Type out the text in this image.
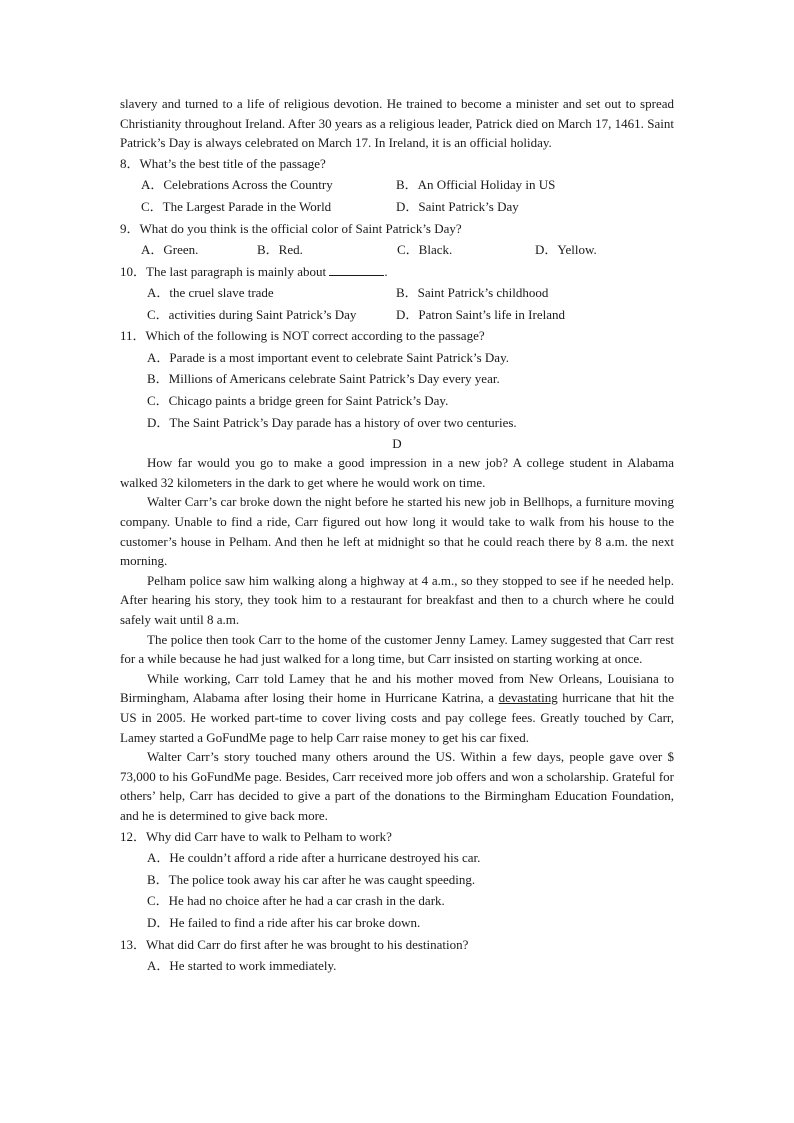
slavery and turned to a life of religious devotion. He trained to become a minister and set out to spread Christianity throughout Ireland. After 30 years as a religious leader, Patrick died on March 17, 1461. Saint Patrick’s Day is always celebrated on March 17. In Ireland, it is an official holiday.

8．What’s the best title of the passage?
A．Celebrations Across the Country	B．An Official Holiday in US
C．The Largest Parade in the World	D．Saint Patrick’s Day
9．What do you think is the official color of Saint Patrick’s Day?
A．Green.	B．Red.	C．Black.	D．Yellow.
10．The last paragraph is mainly about	.
A．the cruel slave trade	B．Saint Patrick’s childhood
C．activities during Saint Patrick’s Day	D．Patron Saint’s life in Ireland
11．Which of the following is NOT correct according to the passage?
A．Parade is a most important event to celebrate Saint Patrick’s Day.
B．Millions of Americans celebrate Saint Patrick’s Day every year.
C．Chicago paints a bridge green for Saint Patrick’s Day.
D．The Saint Patrick’s Day parade has a history of over two centuries.
D

How far would you go to make a good impression in a new job? A college student in Alabama walked 32 kilometers in the dark to get where he would work on time.

Walter Carr’s car broke down the night before he started his new job in Bellhops, a furniture moving company. Unable to find a ride, Carr figured out how long it would take to walk from his house to the customer’s house in Pelham. And then he left at midnight so that he could reach there by 8 a.m. the next morning.

Pelham police saw him walking along a highway at 4 a.m., so they stopped to see if he needed help. After hearing his story, they took him to a restaurant for breakfast and then to a church where he could safely wait until 8 a.m.

The police then took Carr to the home of the customer Jenny Lamey. Lamey suggested that Carr rest for a while because he had just walked for a long time, but Carr insisted on starting working at once.

While working, Carr told Lamey that he and his mother moved from New Orleans, Louisiana to Birmingham, Alabama after losing their home in Hurricane Katrina, a devastating hurricane that hit the US in 2005. He worked part-time to cover living costs and pay college fees. Greatly touched by Carr, Lamey started a GoFundMe page to help Carr raise money to get his car fixed.

Walter Carr’s story touched many others around the US. Within a few days, people gave over $ 73,000 to his GoFundMe page. Besides, Carr received more job offers and won a scholarship. Grateful for others’ help, Carr has decided to give a part of the donations to the Birmingham Education Foundation, and he is determined to give back more.

12．Why did Carr have to walk to Pelham to work?
A．He couldn’t afford a ride after a hurricane destroyed his car.
B．The police took away his car after he was caught speeding.
C．He had no choice after he had a car crash in the dark.
D．He failed to find a ride after his car broke down.
13．What did Carr do first after he was brought to his destination?
A．He started to work immediately.
